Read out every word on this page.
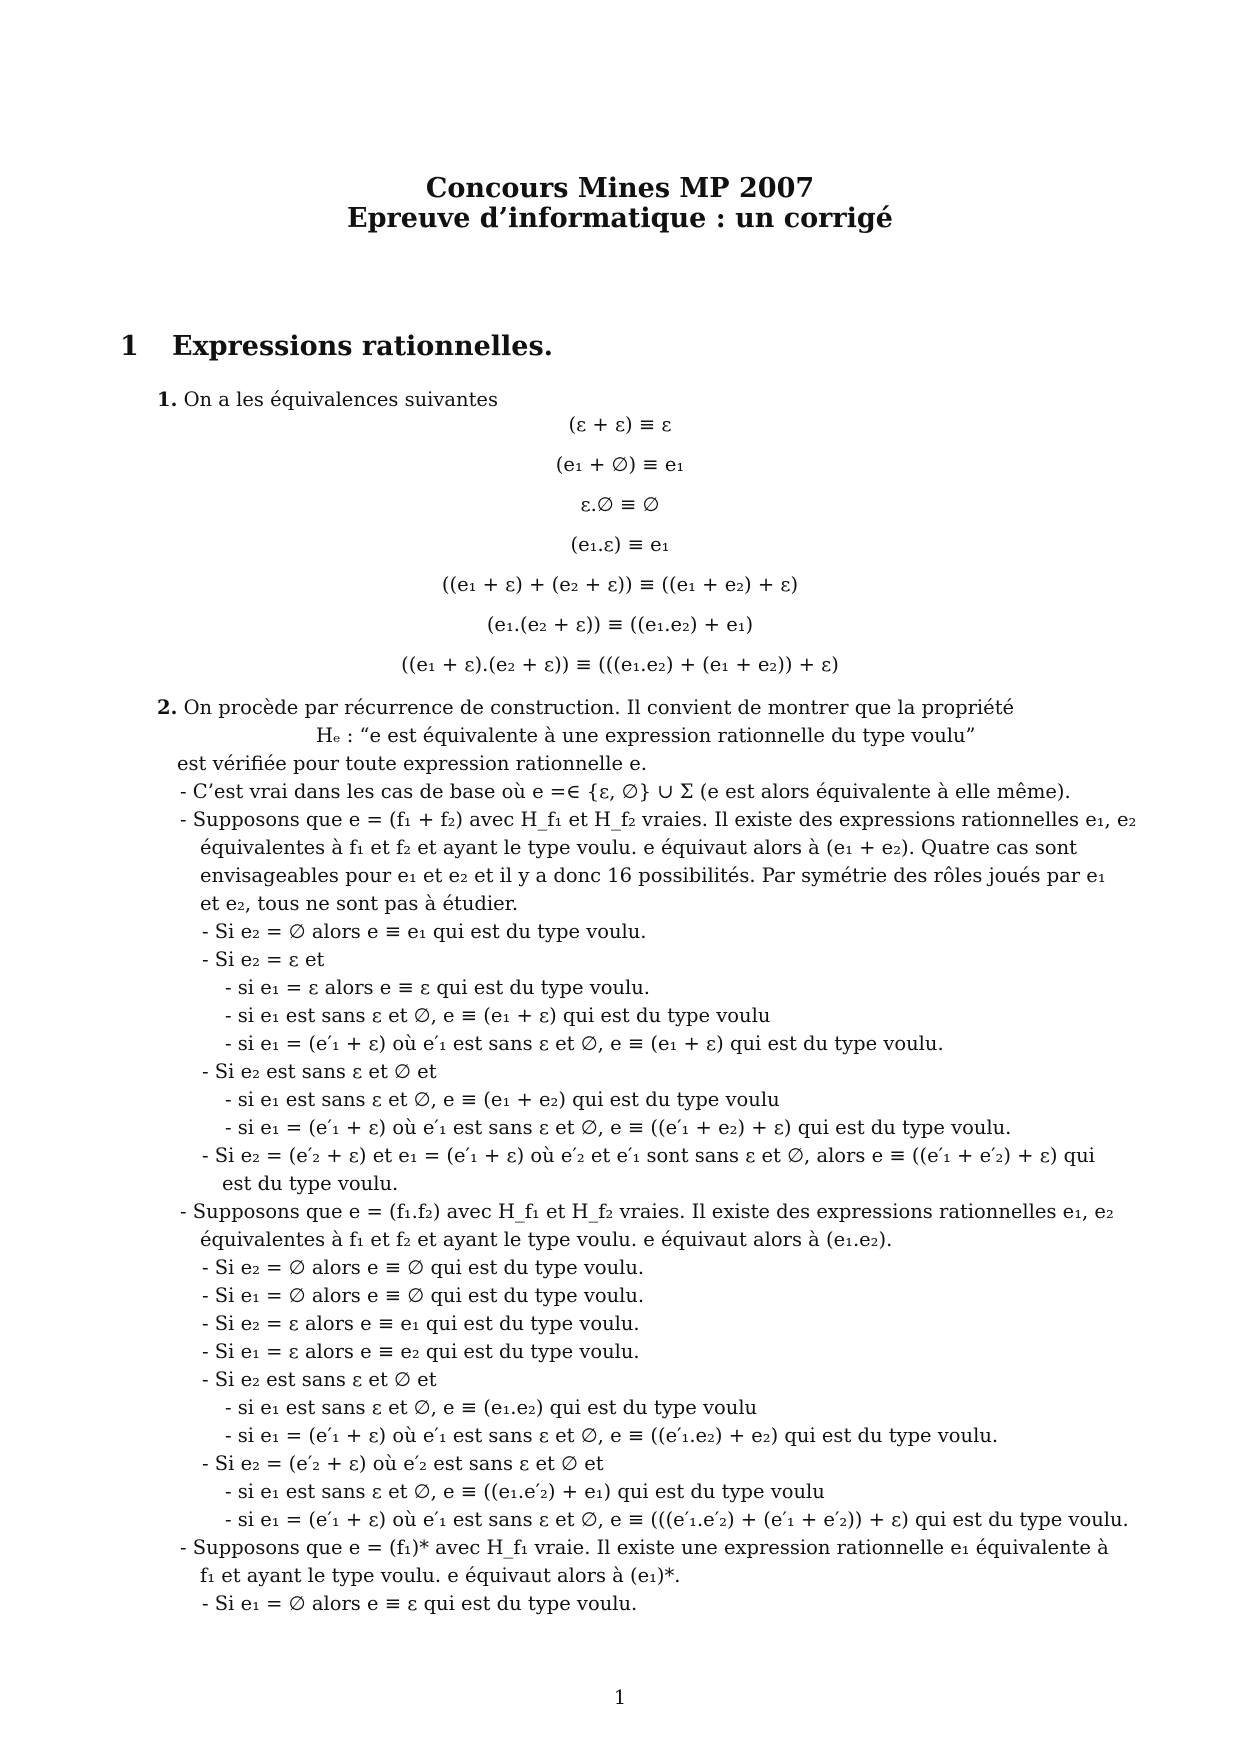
Concours Mines MP 2007
Epreuve d’informatique : un corrigé
1 Expressions rationnelles.
1. On a les équivalences suivantes
(ε + ε) ≡ ε
(e₁ + ∅) ≡ e₁
ε.∅ ≡ ∅
(e₁.ε) ≡ e₁
((e₁ + ε) + (e₂ + ε)) ≡ ((e₁ + e₂) + ε)
(e₁.(e₂ + ε)) ≡ ((e₁.e₂) + e₁)
((e₁ + ε).(e₂ + ε)) ≡ (((e₁.e₂) + (e₁ + e₂)) + ε)
2. On procède par récurrence de construction. Il convient de montrer que la propriété
Hₑ : “e est équivalente à une expression rationnelle du type voulu”
est vérifiée pour toute expression rationnelle e.
- C’est vrai dans les cas de base où e =∈ {ε, ∅} ∪ Σ (e est alors équivalente à elle même).
- Supposons que e = (f₁ + f₂) avec H_f₁ et H_f₂ vraies. Il existe des expressions rationnelles e₁, e₂
équivalentes à f₁ et f₂ et ayant le type voulu. e équivaut alors à (e₁ + e₂). Quatre cas sont
envisageables pour e₁ et e₂ et il y a donc 16 possibilités. Par symétrie des rôles joués par e₁
et e₂, tous ne sont pas à étudier.
- Si e₂ = ∅ alors e ≡ e₁ qui est du type voulu.
- Si e₂ = ε et
- si e₁ = ε alors e ≡ ε qui est du type voulu.
- si e₁ est sans ε et ∅, e ≡ (e₁ + ε) qui est du type voulu
- si e₁ = (e′₁ + ε) où e′₁ est sans ε et ∅, e ≡ (e₁ + ε) qui est du type voulu.
- Si e₂ est sans ε et ∅ et
- si e₁ est sans ε et ∅, e ≡ (e₁ + e₂) qui est du type voulu
- si e₁ = (e′₁ + ε) où e′₁ est sans ε et ∅, e ≡ ((e′₁ + e₂) + ε) qui est du type voulu.
- Si e₂ = (e′₂ + ε) et e₁ = (e′₁ + ε) où e′₂ et e′₁ sont sans ε et ∅, alors e ≡ ((e′₁ + e′₂) + ε) qui
est du type voulu.
- Supposons que e = (f₁.f₂) avec H_f₁ et H_f₂ vraies. Il existe des expressions rationnelles e₁, e₂
équivalentes à f₁ et f₂ et ayant le type voulu. e équivaut alors à (e₁.e₂).
- Si e₂ = ∅ alors e ≡ ∅ qui est du type voulu.
- Si e₁ = ∅ alors e ≡ ∅ qui est du type voulu.
- Si e₂ = ε alors e ≡ e₁ qui est du type voulu.
- Si e₁ = ε alors e ≡ e₂ qui est du type voulu.
- Si e₂ est sans ε et ∅ et
- si e₁ est sans ε et ∅, e ≡ (e₁.e₂) qui est du type voulu
- si e₁ = (e′₁ + ε) où e′₁ est sans ε et ∅, e ≡ ((e′₁.e₂) + e₂) qui est du type voulu.
- Si e₂ = (e′₂ + ε) où e′₂ est sans ε et ∅ et
- si e₁ est sans ε et ∅, e ≡ ((e₁.e′₂) + e₁) qui est du type voulu
- si e₁ = (e′₁ + ε) où e′₁ est sans ε et ∅, e ≡ (((e′₁.e′₂) + (e′₁ + e′₂)) + ε) qui est du type voulu.
- Supposons que e = (f₁)* avec H_f₁ vraie. Il existe une expression rationnelle e₁ équivalente à
f₁ et ayant le type voulu. e équivaut alors à (e₁)*.
- Si e₁ = ∅ alors e ≡ ε qui est du type voulu.
1
